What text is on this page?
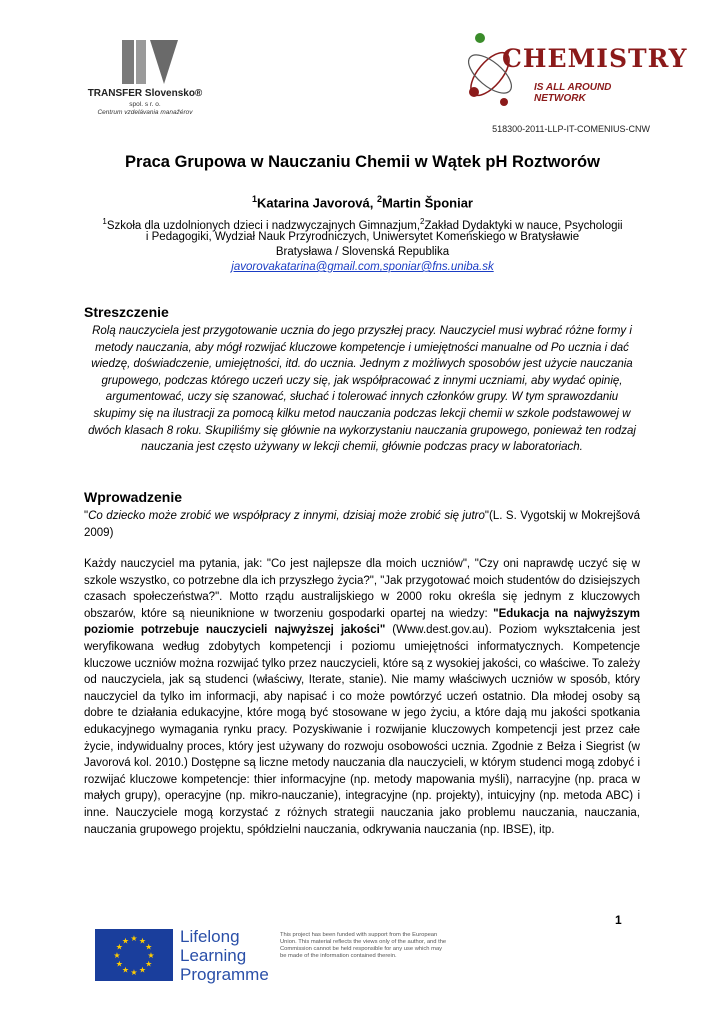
TRANSFER Slovensko®
spol. s r. o.
Centrum vzdelávania manažérov
CHEMISTRY
IS ALL AROUND NETWORK
518300-2011-LLP-IT-COMENIUS-CNW
Praca Grupowa w Nauczaniu Chemii w Wątek pH Roztworów
$^1$Katarina Javorová, $^2$Martin Šponiar
$^1$Szkoła dla uzdolnionych dzieci i nadzwyczajnych Gimnazjum,$^2$Zakład Dydaktyki w nauce, Psychologii
i Pedagogiki, Wydział Nauk Przyrodniczych, Uniwersytet Komeńskiego w Bratysławie
Bratysława / Slovenská Republika
javorovakatarina@gmail.com,sponiar@fns.uniba.sk
Streszczenie
Rolą nauczyciela jest przygotowanie ucznia do jego przyszłej pracy. Nauczyciel musi wybrać różne formy i metody nauczania, aby mógł rozwijać kluczowe kompetencje i umiejętności manualne od Po ucznia i dać wiedzę, doświadczenie, umiejętności, itd. do ucznia. Jednym z możliwych sposobów jest użycie nauczania grupowego, podczas którego uczeń uczy się, jak współpracować z innymi uczniami, aby wydać opinię, argumentować, uczy się szanować, słuchać i tolerować innych członków grupy. W tym sprawozdaniu skupimy się na ilustracji za pomocą kilku metod nauczania podczas lekcji chemii w szkole podstawowej w dwóch klasach 8 roku. Skupiliśmy się głównie na wykorzystaniu nauczania grupowego, ponieważ ten rodzaj nauczania jest często używany w lekcji chemii, głównie podczas pracy w laboratoriach.
Wprowadzenie
"Co dziecko może zrobić we współpracy z innymi, dzisiaj może zrobić się jutro"(L. S. Vygotskij w Mokrejšová 2009)
Każdy nauczyciel ma pytania, jak: "Co jest najlepsze dla moich uczniów", "Czy oni naprawdę uczyć się w szkole wszystko, co potrzebne dla ich przyszłego życia?", "Jak przygotować moich studentów do dzisiejszych czasach społeczeństwa?". Motto rządu australijskiego w 2000 roku określa się jednym z kluczowych obszarów, które są nieuniknione w tworzeniu gospodarki opartej na wiedzy: "Edukacja na najwyższym poziomie potrzebuje nauczycieli najwyższej jakości" (Www.dest.gov.au). Poziom wykształcenia jest weryfikowana według zdobytych kompetencji i poziomu umiejętności informatycznych. Kompetencje kluczowe uczniów można rozwijać tylko przez nauczycieli, które są z wysokiej jakości, co właściwe. To zależy od nauczyciela, jak są studenci (właściwy, Iterate, stanie). Nie mamy właściwych uczniów w sposób, który nauczyciel da tylko im informacji, aby napisać i co może powtórzyć uczeń ostatnio. Dla młodej osoby są dobre te działania edukacyjne, które mogą być stosowane w jego życiu, a które dają mu jakości spotkania edukacyjnego wymagania rynku pracy. Pozyskiwanie i rozwijanie kluczowych kompetencji jest przez całe życie, indywidualny proces, który jest używany do rozwoju osobowości ucznia. Zgodnie z Bełza i Siegrist (w Javorová kol. 2010.) Dostępne są liczne metody nauczania dla nauczycieli, w którym studenci mogą zdobyć i rozwijać kluczowe kompetencje: thier informacyjne (np. metody mapowania myśli), narracyjne (np. praca w małych grupy), operacyjne (np. mikro-nauczanie), integracyjne (np. projekty), intuicyjny (np. metoda ABC) i inne. Nauczyciele mogą korzystać z różnych strategii nauczania jako problemu nauczania, nauczania, nauczania grupowego projektu, spółdzielni nauczania, odkrywania nauczania (np. IBSE), itp.
1
★ ★
★
★
★
★
★
★
★
★
★
★	Lifelong
Learning
Programme
This project has been funded with support from the European Union. This material reflects the views only of the author, and the Commission cannot be held responsible for any use which may be made of the information contained therein.
